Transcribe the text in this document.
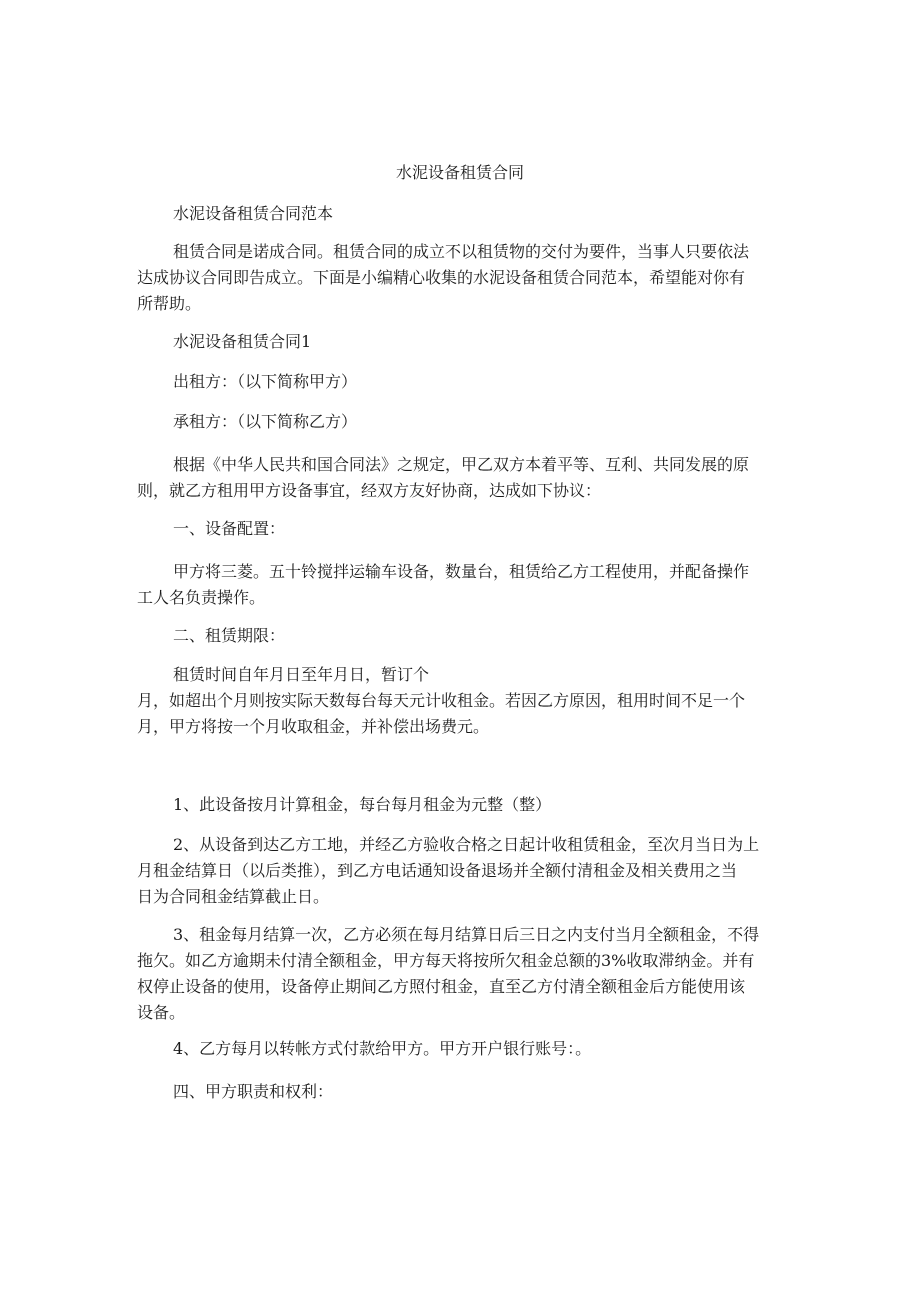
水泥设备租赁合同
水泥设备租赁合同范本
租赁合同是诺成合同。租赁合同的成立不以租赁物的交付为要件，当事人只要依法
达成协议合同即告成立。下面是小编精心收集的水泥设备租赁合同范本，希望能对你有
所帮助。
水泥设备租赁合同1
出租方：（以下简称甲方）
承租方：（以下简称乙方）
根据《中华人民共和国合同法》之规定，甲乙双方本着平等、互利、共同发展的原
则，就乙方租用甲方设备事宜，经双方友好协商，达成如下协议：
一、设备配置：
甲方将三菱。五十铃搅拌运输车设备，数量台，租赁给乙方工程使用，并配备操作
工人名负责操作。
二、租赁期限：
租赁时间自年月日至年月日，暂订个
月，如超出个月则按实际天数每台每天元计收租金。若因乙方原因，租用时间不足一个
月，甲方将按一个月收取租金，并补偿出场费元。
1、此设备按月计算租金，每台每月租金为元整（整）
2、从设备到达乙方工地，并经乙方验收合格之日起计收租赁租金，至次月当日为上
月租金结算日（以后类推），到乙方电话通知设备退场并全额付清租金及相关费用之当
日为合同租金结算截止日。
3、租金每月结算一次，乙方必须在每月结算日后三日之内支付当月全额租金，不得
拖欠。如乙方逾期未付清全额租金，甲方每天将按所欠租金总额的3%收取滞纳金。并有
权停止设备的使用，设备停止期间乙方照付租金，直至乙方付清全额租金后方能使用该
设备。
4、乙方每月以转帐方式付款给甲方。甲方开户银行账号：。
四、甲方职责和权利：
